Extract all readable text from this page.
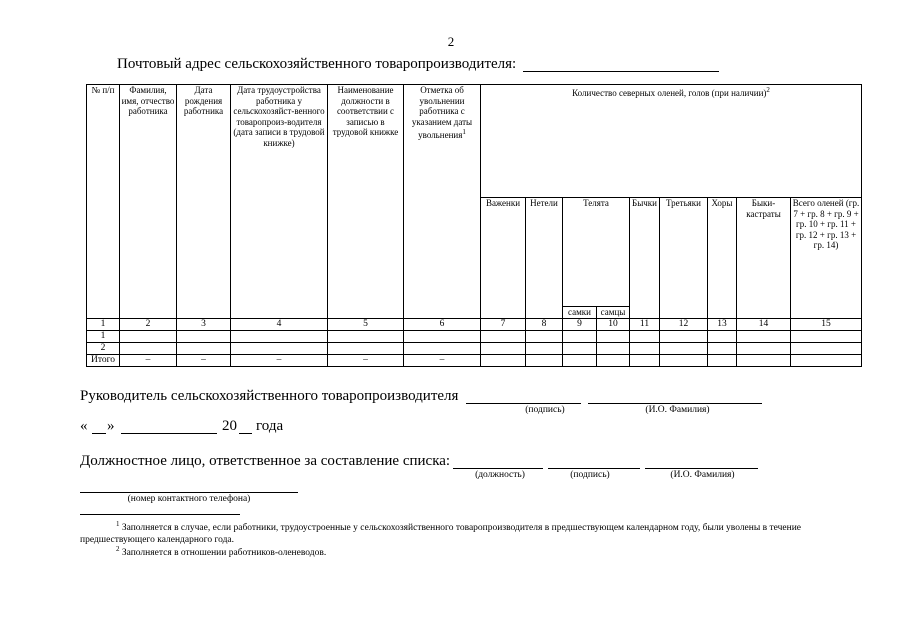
2
Почтовый адрес сельскохозяйственного товаропроизводителя:
№ п/п	Фамилия, имя, отчество работника	Дата рождения работника	Дата трудоустройства работника у сельскохозяйст-венного товаропроиз-водителя (дата записи в трудовой книжке)	Наименование должности в соответствии с записью в трудовой книжке	Отметка об увольнении работника с указанием даты увольнения$^1$	Количество северных оленей, голов (при наличии)$^2$
						Важенки	Нетели	Телята		Бычки	Третьяки	Хоры	Быки-кастраты	Всего оленей (гр. 7 + гр. 8 + гр. 9 + гр. 10 + гр. 11 + гр. 12 + гр. 13 + гр. 14)
								самки	самцы					
1	2	3	4	5	6	7	8	9	10	11	12	13	14	15
1														
2														
Итого	–	–	–	–	–									
Руководитель сельскохозяйственного товаропроизводителя
(подпись)	(И.О. Фамилия)
« »	20 года
Должностное лицо, ответственное за составление списка:
(должность)	(подпись)	(И.О. Фамилия)
(номер контактного телефона)
$^1$ Заполняется в случае, если работники, трудоустроенные у сельскохозяйственного товаропроизводителя в предшествующем календарном году, были уволены в течение предшествующего календарного года.
$^2$ Заполняется в отношении работников-оленеводов.
